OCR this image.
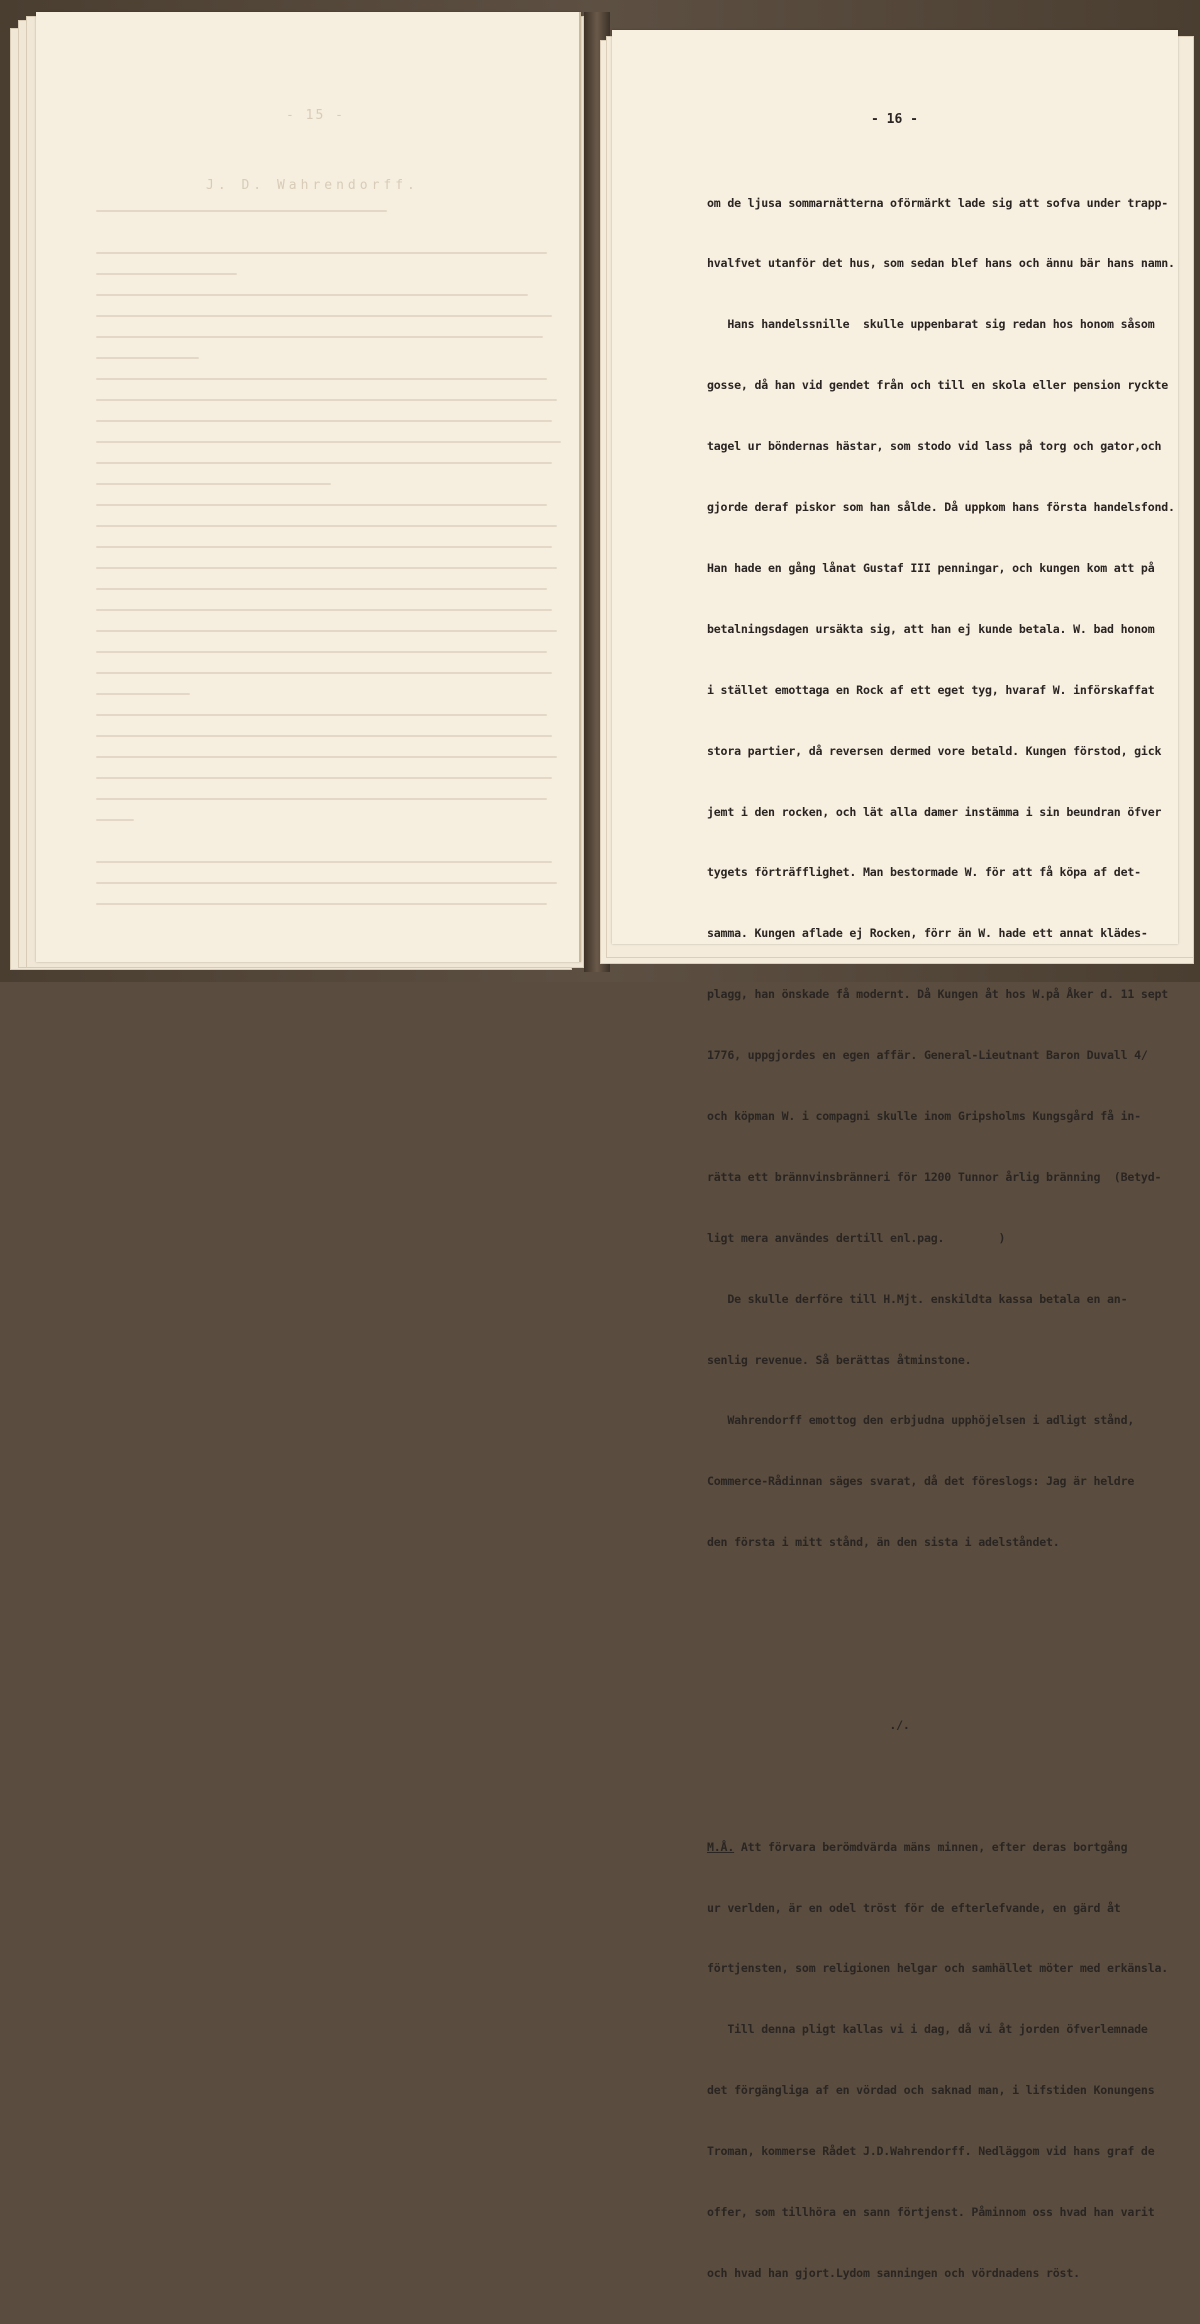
- 15 -
J. D. Wahrendorff.
- 16 -

om de ljusa sommarnätterna oförmärkt lade sig att sofva under trapp-

hvalfvet utanför det hus, som sedan blef hans och ännu bär hans namn.

Hans handelssnille  skulle uppenbarat sig redan hos honom såsom

gosse, då han vid gendet från och till en skola eller pension ryckte

tagel ur böndernas hästar, som stodo vid lass på torg och gator,och

gjorde deraf piskor som han sålde. Då uppkom hans första handelsfond.

Han hade en gång lånat Gustaf III penningar, och kungen kom att på

betalningsdagen ursäkta sig, att han ej kunde betala. W. bad honom

i stället emottaga en Rock af ett eget tyg, hvaraf W. införskaffat

stora partier, då reversen dermed vore betald. Kungen förstod, gick

jemt i den rocken, och lät alla damer instämma i sin beundran öfver

tygets förträfflighet. Man bestormade W. för att få köpa af det-

samma. Kungen aflade ej Rocken, förr än W. hade ett annat klädes-

plagg, han önskade få modernt. Då Kungen åt hos W.på Åker d. 11 sept

1776, uppgjordes en egen affär. General-Lieutnant Baron Duvall 4/

och köpman W. i compagni skulle inom Gripsholms Kungsgård få in-

rätta ett brännvinsbränneri för 1200 Tunnor årlig bränning  (Betyd-

ligt mera användes dertill enl.pag.        )

De skulle derföre till H.Mjt. enskildta kassa betala en an-

senlig revenue. Så berättas åtminstone.

Wahrendorff emottog den erbjudna upphöjelsen i adligt stånd,

Commerce-Rådinnan säges svarat, då det föreslogs: Jag är heldre

den första i mitt stånd, än den sista i adelståndet.

./.

M.Å. Att förvara berömdvärda mäns minnen, efter deras bortgång

ur verlden, är en odel tröst för de efterlefvande, en gärd åt

förtjensten, som religionen helgar och samhället möter med erkänsla.

Till denna pligt kallas vi i dag, då vi åt jorden öfverlemnade

det förgängliga af en vördad och saknad man, i lifstiden Konungens

Troman, kommerse Rådet J.D.Wahrendorff. Nedläggom vid hans graf de

offer, som tillhöra en sann förtjenst. Påminnom oss hvad han varit

och hvad han gjort.Lydom sanningen och vördnadens röst.
